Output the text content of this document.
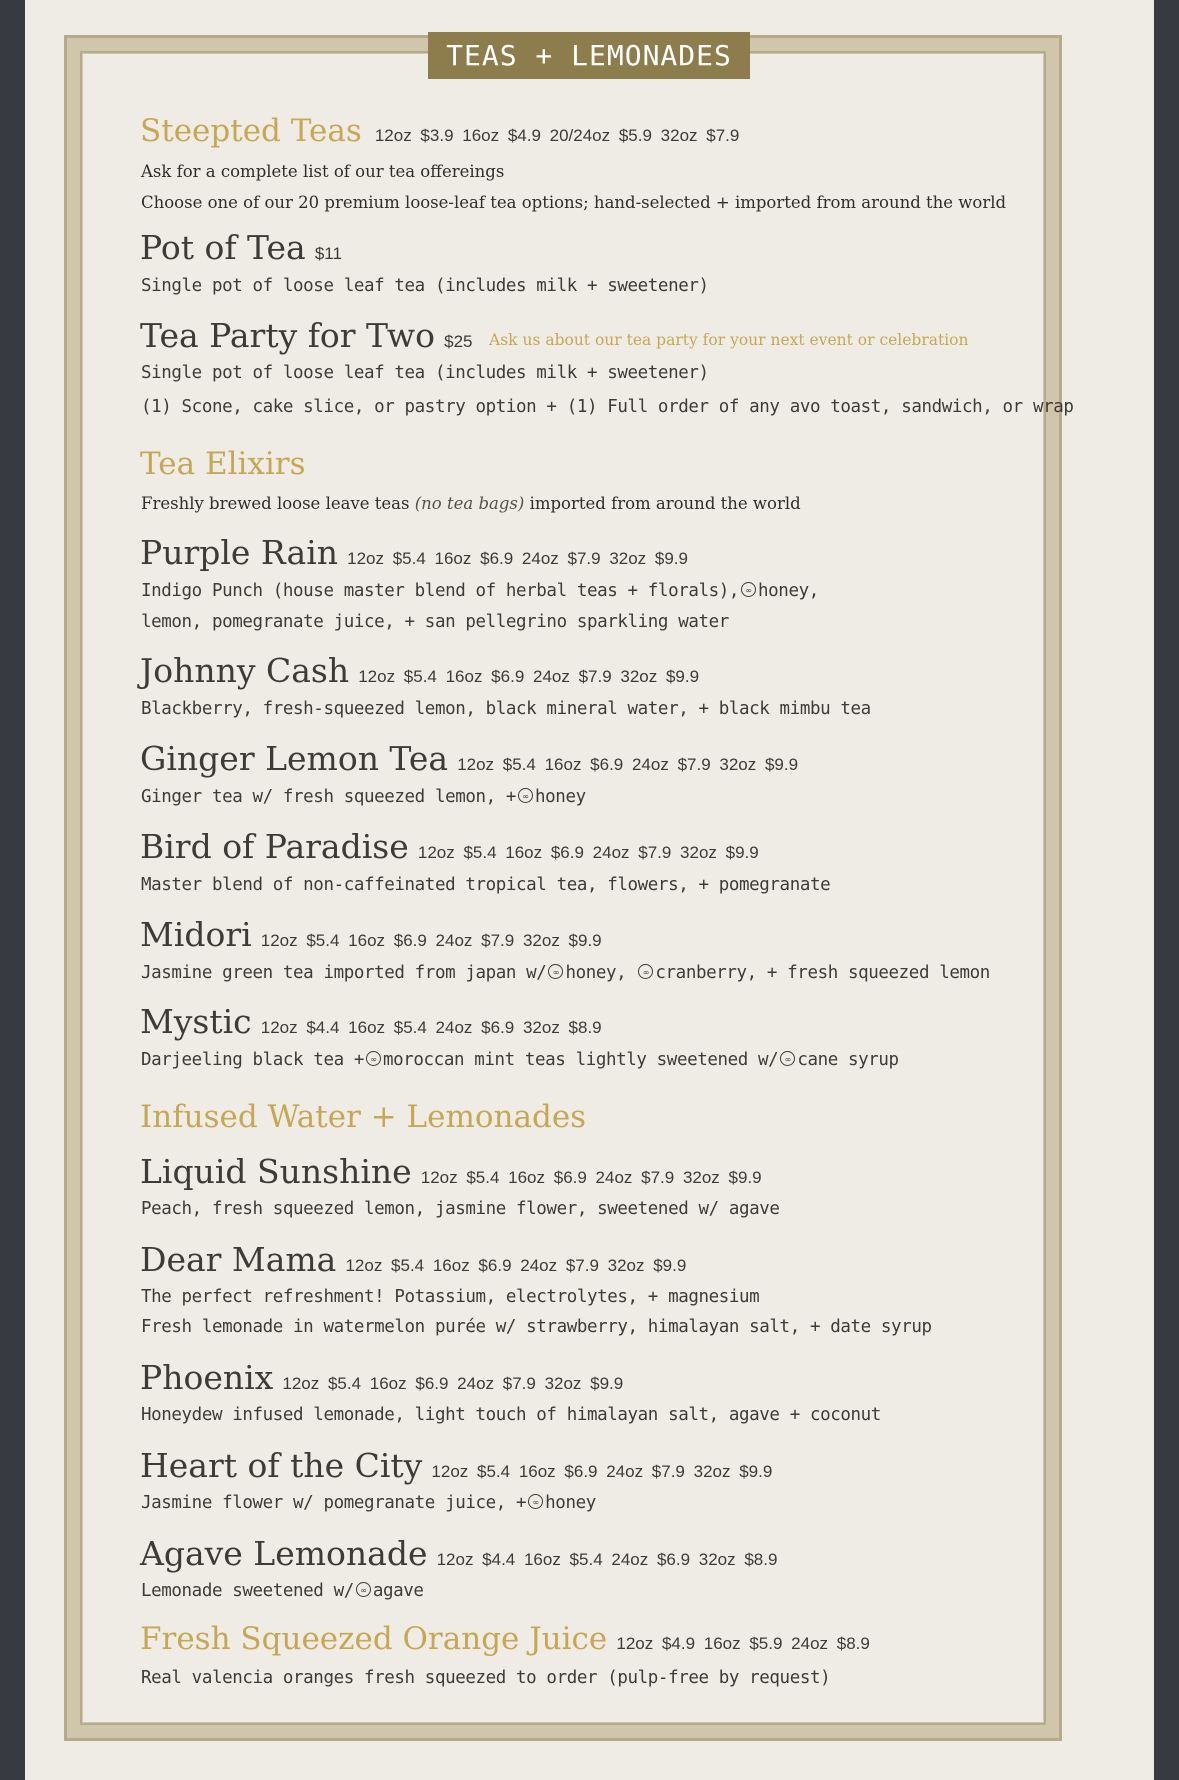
TEAS + LEMONADES
Steepted Teas 12oz $3.9 16oz $4.9 20/24oz $5.9 32oz $7.9
Ask for a complete list of our tea offereings
Choose one of our 20 premium loose-leaf tea options; hand-selected + imported from around the world
Pot of Tea $11
Single pot of loose leaf tea (includes milk + sweetener)
Tea Party for Two $25 Ask us about our tea party for your next event or celebration
Single pot of loose leaf tea (includes milk + sweetener)
(1) Scone, cake slice, or pastry option + (1) Full order of any avo toast, sandwich, or wrap
Tea Elixirs
Freshly brewed loose leave teas (no tea bags) imported from around the world
Purple Rain 12oz $5.4 16oz $6.9 24oz $7.9 32oz $9.9
Indigo Punch (house master blend of herbal teas + florals), ∞ honey,
lemon, pomegranate juice, + san pellegrino sparkling water
Johnny Cash 12oz $5.4 16oz $6.9 24oz $7.9 32oz $9.9
Blackberry, fresh-squeezed lemon, black mineral water, + black mimbu tea
Ginger Lemon Tea 12oz $5.4 16oz $6.9 24oz $7.9 32oz $9.9
Ginger tea w/ fresh squeezed lemon, + ∞ honey
Bird of Paradise 12oz $5.4 16oz $6.9 24oz $7.9 32oz $9.9
Master blend of non-caffeinated tropical tea, flowers, + pomegranate
Midori 12oz $5.4 16oz $6.9 24oz $7.9 32oz $9.9
Jasmine green tea imported from japan w/ ∞ honey, ∞ cranberry, + fresh squeezed lemon
Mystic 12oz $4.4 16oz $5.4 24oz $6.9 32oz $8.9
Darjeeling black tea + ∞ moroccan mint teas lightly sweetened w/ ∞ cane syrup
Infused Water + Lemonades
Liquid Sunshine 12oz $5.4 16oz $6.9 24oz $7.9 32oz $9.9
Peach, fresh squeezed lemon, jasmine flower, sweetened w/ agave
Dear Mama 12oz $5.4 16oz $6.9 24oz $7.9 32oz $9.9
The perfect refreshment! Potassium, electrolytes, + magnesium
Fresh lemonade in watermelon purée w/ strawberry, himalayan salt, + date syrup
Phoenix 12oz $5.4 16oz $6.9 24oz $7.9 32oz $9.9
Honeydew infused lemonade, light touch of himalayan salt, agave + coconut
Heart of the City 12oz $5.4 16oz $6.9 24oz $7.9 32oz $9.9
Jasmine flower w/ pomegranate juice, + ∞ honey
Agave Lemonade 12oz $4.4 16oz $5.4 24oz $6.9 32oz $8.9
Lemonade sweetened w/ ∞ agave
Fresh Squeezed Orange Juice 12oz $4.9 16oz $5.9 24oz $8.9
Real valencia oranges fresh squeezed to order (pulp-free by request)
